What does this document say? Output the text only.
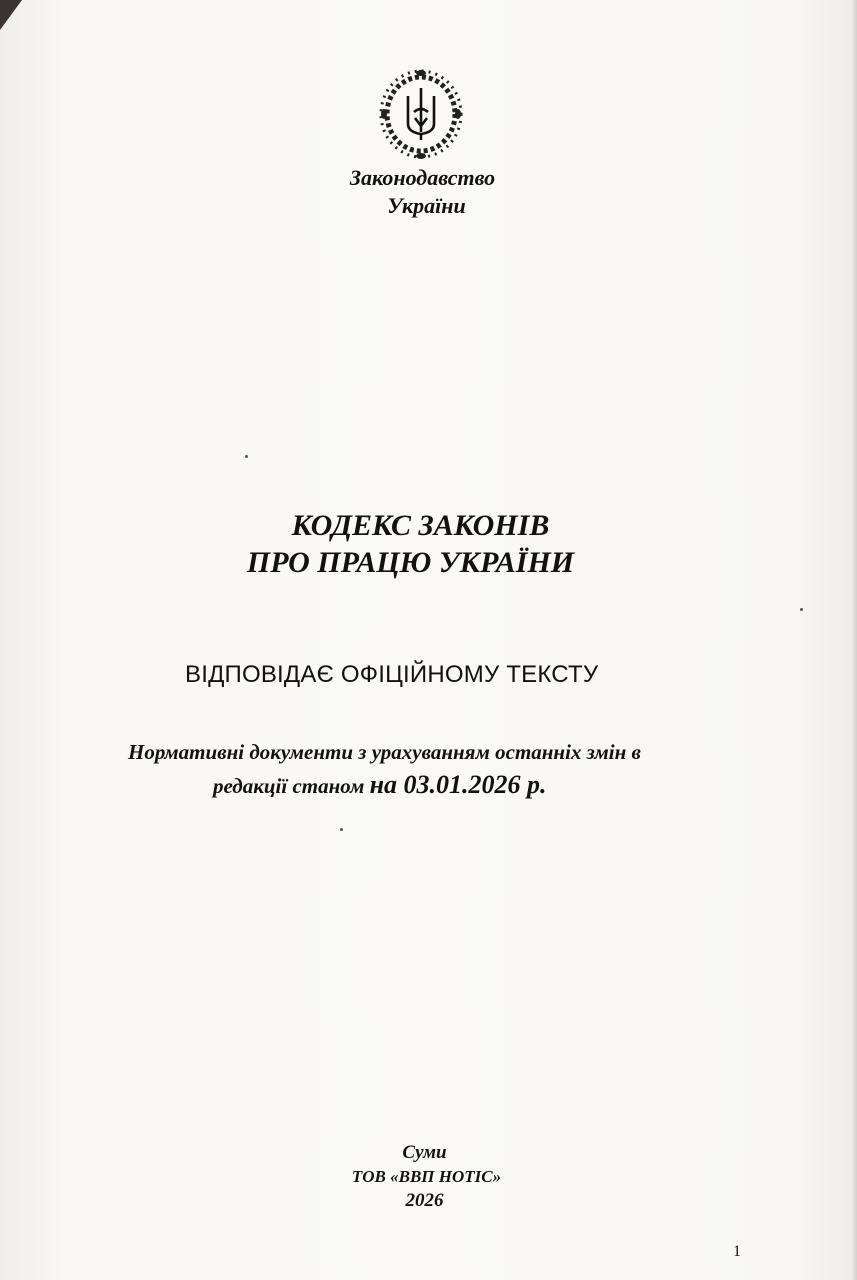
Законодавство
України
КОДЕКС ЗАКОНІВ
ПРО ПРАЦЮ УКРАЇНИ
ВІДПОВІДАЄ ОФІЦІЙНОМУ ТЕКСТУ
Нормативні документи з урахуванням останніх змін в
редакції станом на 03.01.2026 р.
Суми
ТОВ «ВВП НОТІС»
2026
1
